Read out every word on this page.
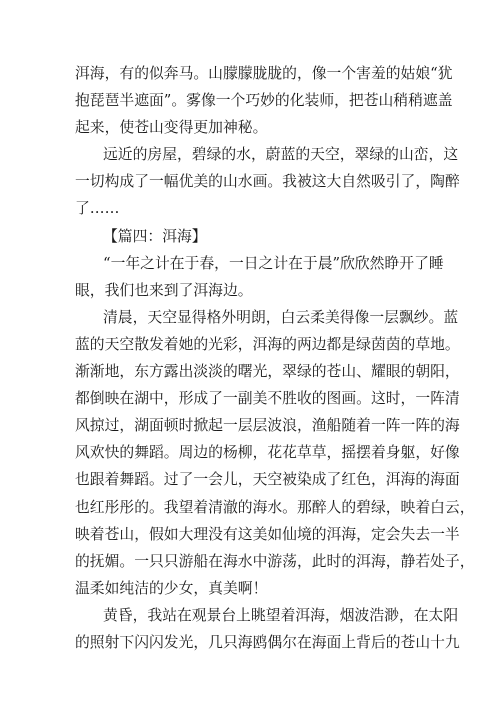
洱海，有的似奔马。山朦朦胧胧的，像一个害羞的姑娘“犹
抱琵琶半遮面”。雾像一个巧妙的化装师，把苍山稍稍遮盖
起来，使苍山变得更加神秘。
远近的房屋，碧绿的水，蔚蓝的天空，翠绿的山峦，这
一切构成了一幅优美的山水画。我被这大自然吸引了，陶醉
了……
【篇四：洱海】
“一年之计在于春，一日之计在于晨”欣欣然睁开了睡
眼，我们也来到了洱海边。
清晨，天空显得格外明朗，白云柔美得像一层飘纱。蓝
蓝的天空散发着她的光彩，洱海的两边都是绿茵茵的草地。
渐渐地，东方露出淡淡的曙光，翠绿的苍山、耀眼的朝阳，
都倒映在湖中，形成了一副美不胜收的图画。这时，一阵清
风掠过，湖面顿时掀起一层层波浪，渔船随着一阵一阵的海
风欢快的舞蹈。周边的杨柳，花花草草，摇摆着身躯，好像
也跟着舞蹈。过了一会儿，天空被染成了红色，洱海的海面
也红彤彤的。我望着清澈的海水。那醉人的碧绿，映着白云，
映着苍山，假如大理没有这美如仙境的洱海，定会失去一半
的抚媚。一只只游船在海水中游荡，此时的洱海，静若处子，
温柔如纯洁的少女，真美啊！
黄昏，我站在观景台上眺望着洱海，烟波浩渺，在太阳
的照射下闪闪发光，几只海鸥偶尔在海面上背后的苍山十九
